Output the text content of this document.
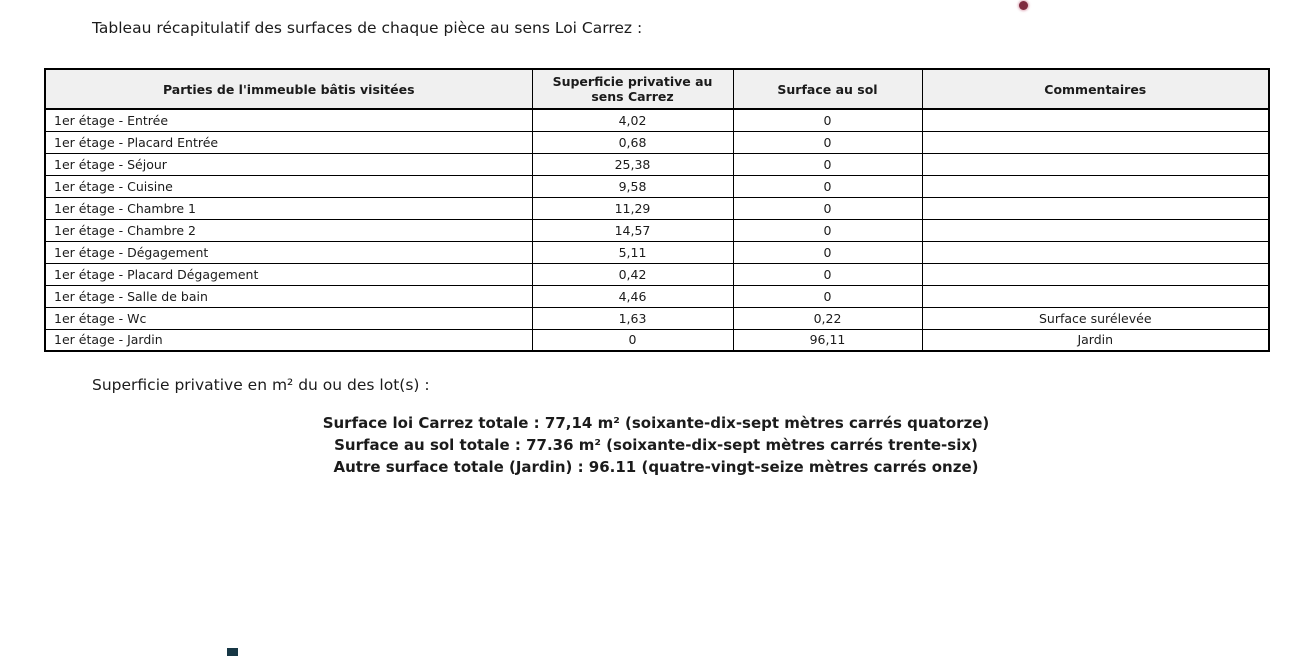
Tableau récapitulatif des surfaces de chaque pièce au sens Loi Carrez :
Parties de l'immeuble bâtis visitées	Superficie privative au sens Carrez	Surface au sol	Commentaires
1er étage - Entrée	4,02	0	
1er étage - Placard Entrée	0,68	0	
1er étage - Séjour	25,38	0	
1er étage - Cuisine	9,58	0	
1er étage - Chambre 1	11,29	0	
1er étage - Chambre 2	14,57	0	
1er étage - Dégagement	5,11	0	
1er étage - Placard Dégagement	0,42	0	
1er étage - Salle de bain	4,46	0	
1er étage - Wc	1,63	0,22	Surface surélevée
1er étage - Jardin	0	96,11	Jardin

Superficie privative en m² du ou des lot(s) :

Surface loi Carrez totale : 77,14 m² (soixante-dix-sept mètres carrés quatorze)

Surface au sol totale : 77.36 m² (soixante-dix-sept mètres carrés trente-six)

Autre surface totale (Jardin) : 96.11 (quatre-vingt-seize mètres carrés onze)
